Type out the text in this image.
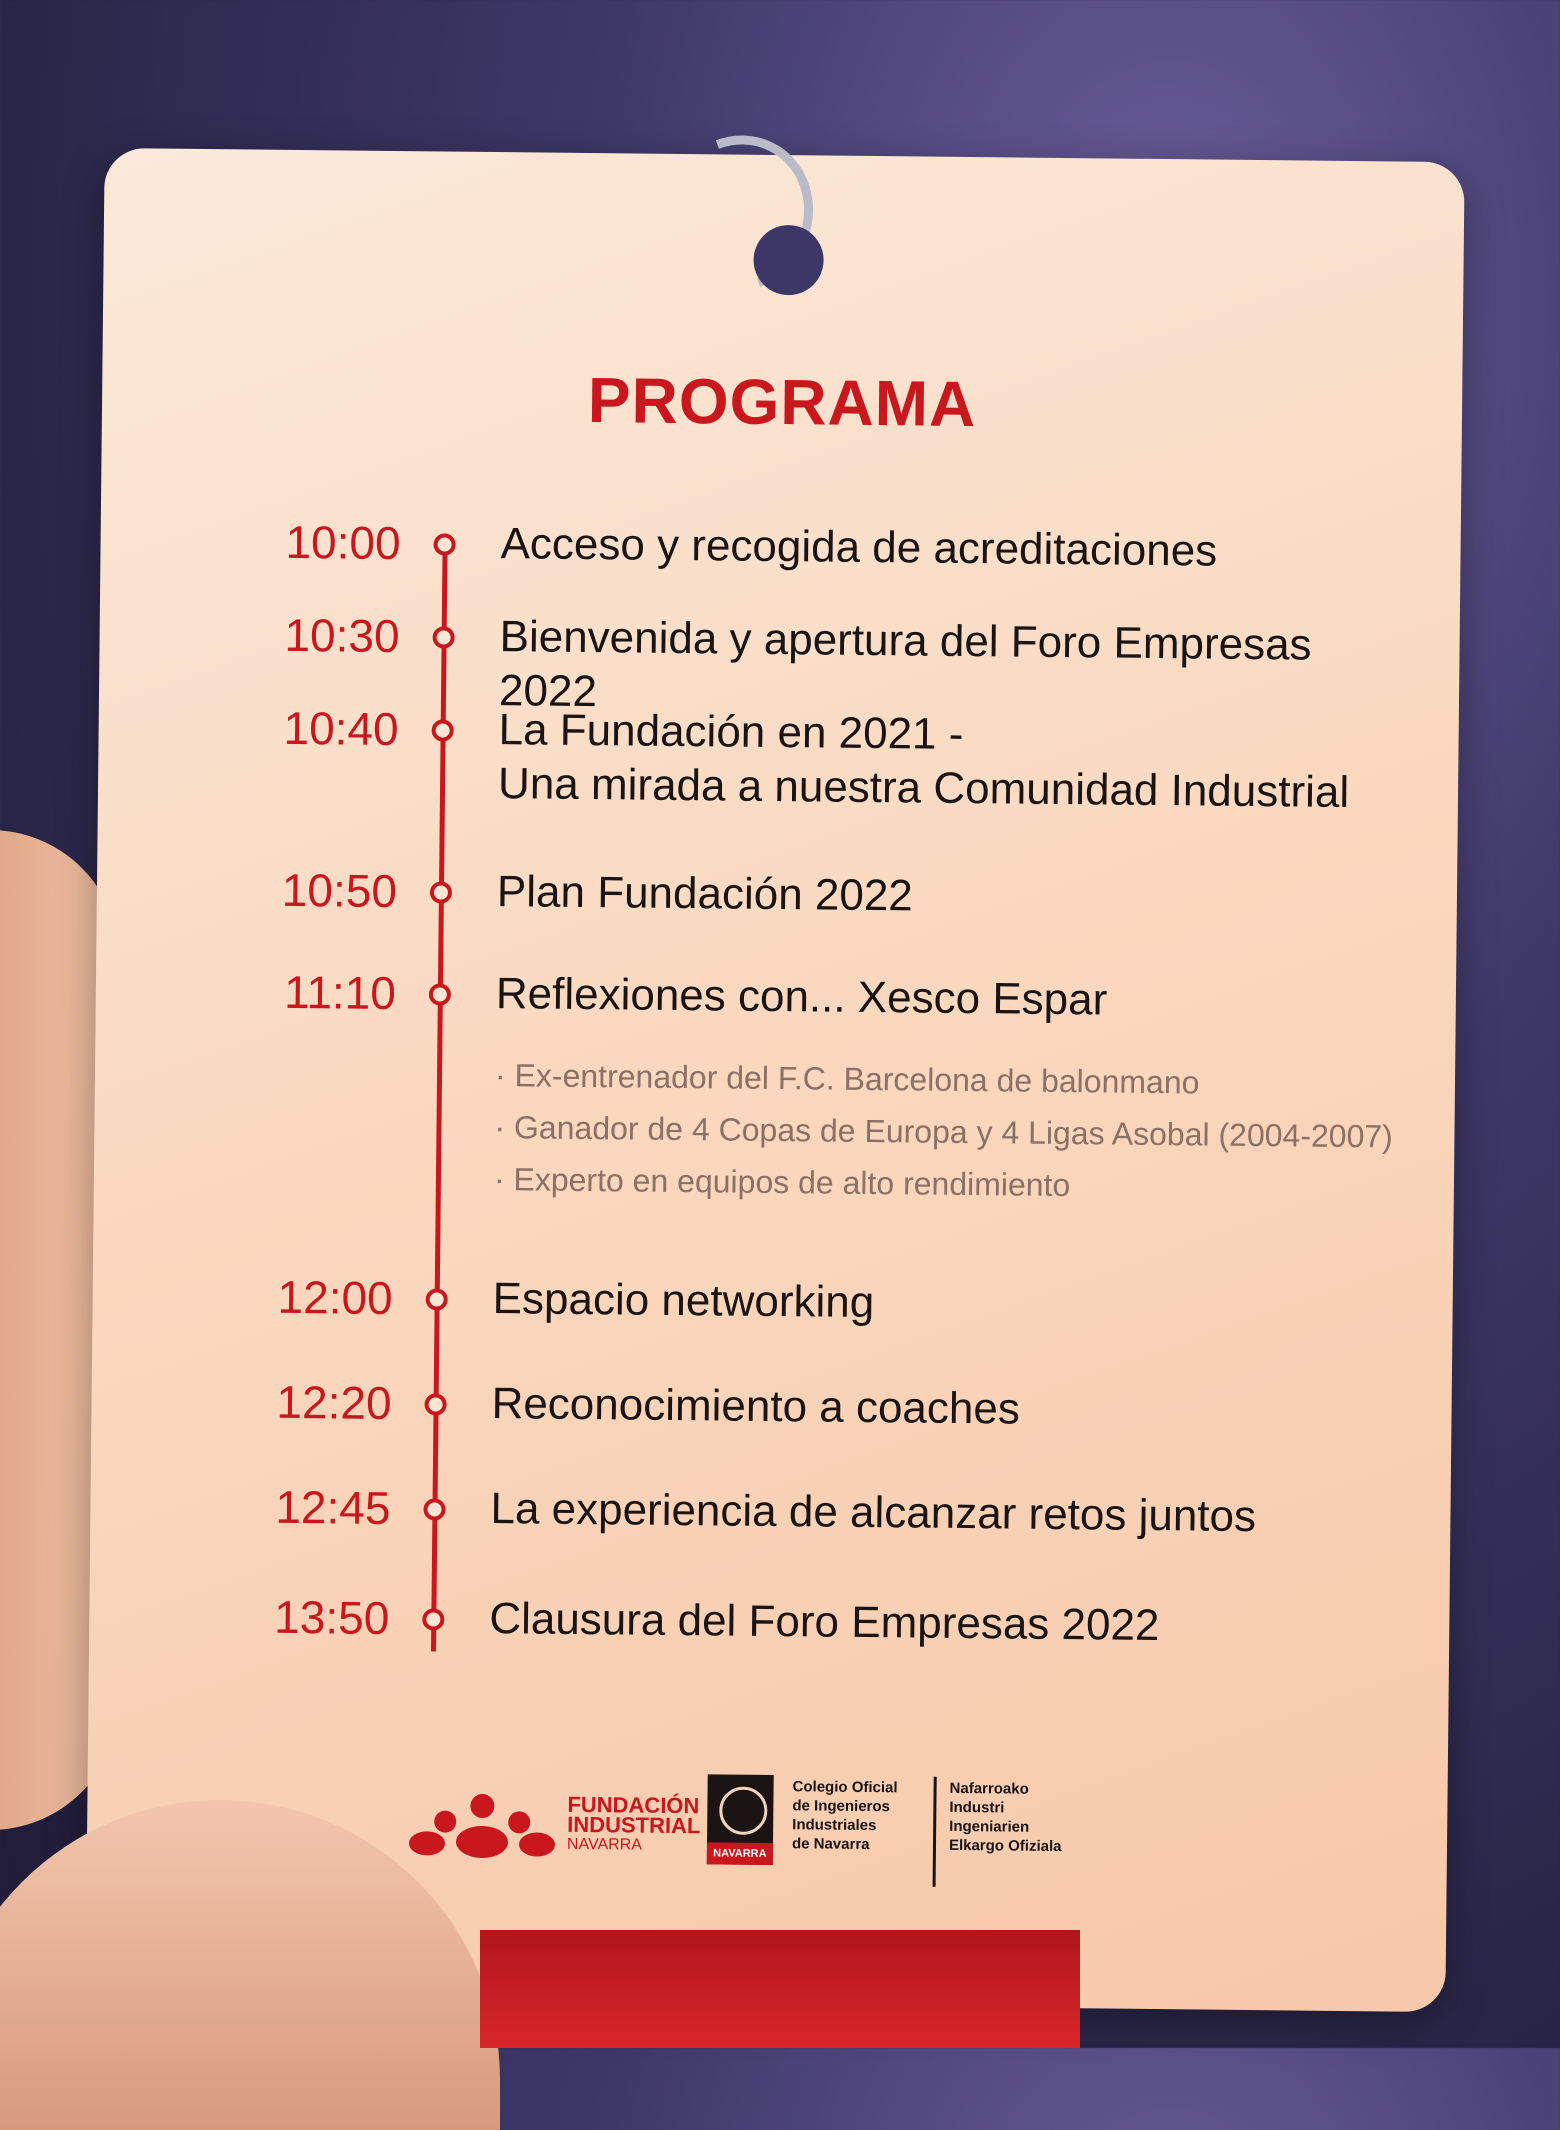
PROGRAMA
10:00 Acceso y recogida de acreditaciones
10:30 Bienvenida y apertura del Foro Empresas 2022
10:40 La Fundación en 2021 -
Una mirada a nuestra Comunidad Industrial
10:50 Plan Fundación 2022
11:10 Reflexiones con... Xesco Espar
· Ex-entrenador del F.C. Barcelona de balonmano
· Ganador de 4 Copas de Europa y 4 Ligas Asobal (2004-2007)
· Experto en equipos de alto rendimiento
12:00 Espacio networking
12:20 Reconocimiento a coaches
12:45 La experiencia de alcanzar retos juntos
13:50 Clausura del Foro Empresas 2022
FUNDACIÓN
INDUSTRIAL
NAVARRA
NAVARRA
Colegio Oficial
de Ingenieros
Industriales
de Navarra
Nafarroako
Industri
Ingeniarien
Elkargo Ofiziala
